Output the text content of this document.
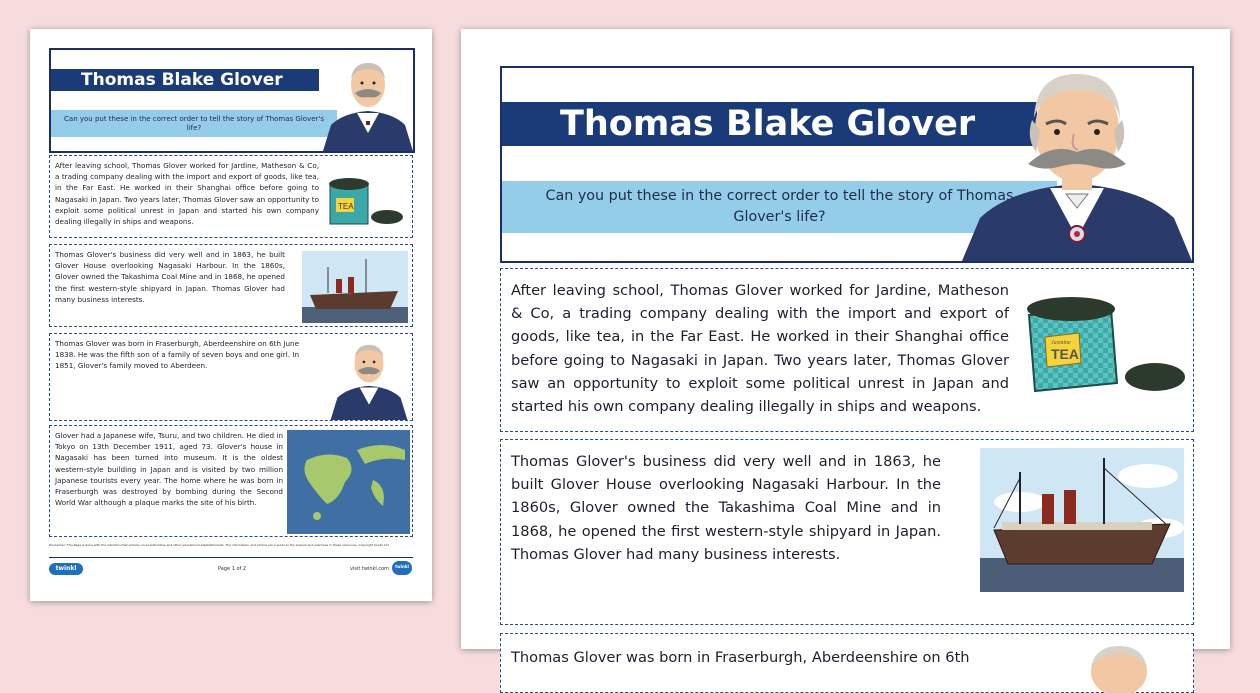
Thomas Blake Glover
Can you put these in the correct order to tell the story of Thomas Glover's life?
After leaving school, Thomas Glover worked for Jardine, Matheson & Co, a trading company dealing with the import and export of goods, like tea, in the Far East. He worked in their Shanghai office before going to Nagasaki in Japan. Two years later, Thomas Glover saw an opportunity to exploit some political unrest in Japan and started his own company dealing illegally in ships and weapons.
TEA
Thomas Glover's business did very well and in 1863, he built Glover House overlooking Nagasaki Harbour. In the 1860s, Glover owned the Takashima Coal Mine and in 1868, he opened the first western-style shipyard in Japan. Thomas Glover had many business interests.
Thomas Glover was born in Fraserburgh, Aberdeenshire on 6th June 1838. He was the fifth son of a family of seven boys and one girl. In 1851, Glover's family moved to Aberdeen.
Glover had a Japanese wife, Tsuru, and two children. He died in Tokyo on 13th December 1911, aged 73. Glover's house in Nagasaki has been turned into museum. It is the oldest western-style building in Japan and is visited by two million Japanese tourists every year. The home where he was born in Fraserburgh was destroyed by bombing during the Second World War although a plaque marks the site of his birth.
Disclaimer: This Page is done with the intention that schools, local authorities and other educational establishments. The information and photos are a guide to the subject and exercises in these resources. Copyright twinkl Ltd
twinkl	Page 1 of 2	visit twinkl.com	twinkl
Thomas Blake Glover
Can you put these in the correct order to tell the story of Thomas Glover's life?
After leaving school, Thomas Glover worked for Jardine, Matheson & Co, a trading company dealing with the import and export of goods, like tea, in the Far East. He worked in their Shanghai office before going to Nagasaki in Japan. Two years later, Thomas Glover saw an opportunity to exploit some political unrest in Japan and started his own company dealing illegally in ships and weapons.
TEA
Jasmine
Thomas Glover's business did very well and in 1863, he built Glover House overlooking Nagasaki Harbour. In the 1860s, Glover owned the Takashima Coal Mine and in 1868, he opened the first western-style shipyard in Japan. Thomas Glover had many business interests.
Thomas Glover was born in Fraserburgh, Aberdeenshire on 6th
